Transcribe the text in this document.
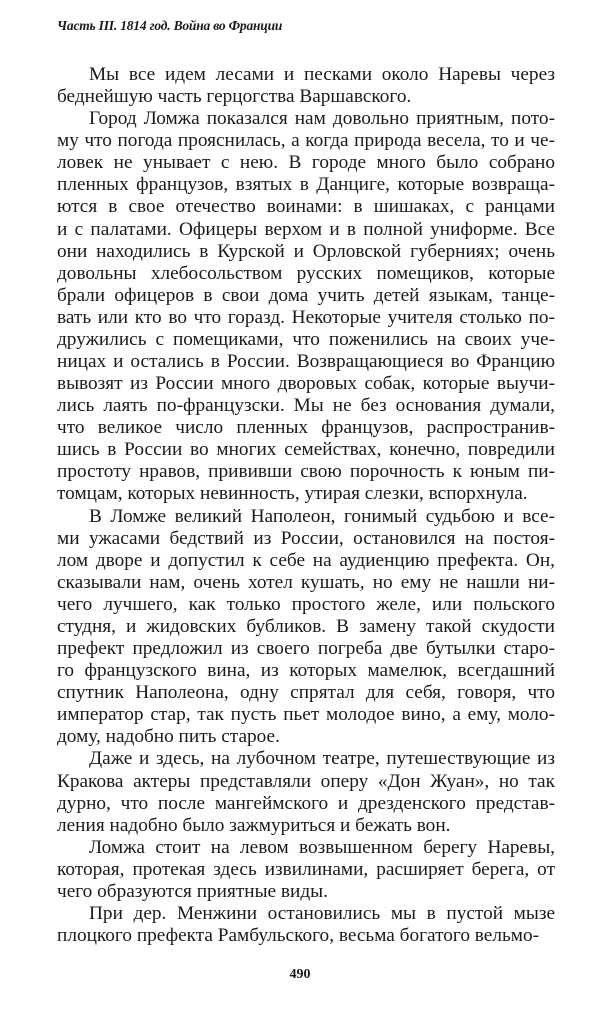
Часть III. 1814 год. Война во Франции
Мы все идем лесами и песками около Наревы через
беднейшую часть герцогства Варшавского.
Город Ломжа показался нам довольно приятным, пото-
му что погода прояснилась, а когда природа весела, то и че-
ловек не унывает с нею. В городе много было собрано
пленных французов, взятых в Данциге, которые возвраща-
ются в свое отечество воинами: в шишаках, с ранцами
и с палатами. Офицеры верхом и в полной униформе. Все
они находились в Курской и Орловской губерниях; очень
довольны хлебосольством русских помещиков, которые
брали офицеров в свои дома учить детей языкам, танце-
вать или кто во что горазд. Некоторые учителя столько по-
дружились с помещиками, что поженились на своих уче-
ницах и остались в России. Возвращающиеся во Францию
вывозят из России много дворовых собак, которые выучи-
лись лаять по-французски. Мы не без основания думали,
что великое число пленных французов, распространив-
шись в России во многих семействах, конечно, повредили
простоту нравов, прививши свою порочность к юным пи-
томцам, которых невинность, утирая слезки, вспорхнула.
В Ломже великий Наполеон, гонимый судьбою и все-
ми ужасами бедствий из России, остановился на постоя-
лом дворе и допустил к себе на аудиенцию префекта. Он,
сказывали нам, очень хотел кушать, но ему не нашли ни-
чего лучшего, как только простого желе, или польского
студня, и жидовских бубликов. В замену такой скудости
префект предложил из своего погреба две бутылки старо-
го французского вина, из которых мамелюк, всегдашний
спутник Наполеона, одну спрятал для себя, говоря, что
император стар, так пусть пьет молодое вино, а ему, моло-
дому, надобно пить старое.
Даже и здесь, на лубочном театре, путешествующие из
Кракова актеры представляли оперу «Дон Жуан», но так
дурно, что после мангеймского и дрезденского представ-
ления надобно было зажмуриться и бежать вон.
Ломжа стоит на левом возвышенном берегу Наревы,
которая, протекая здесь извилинами, расширяет берега, от
чего образуются приятные виды.
При дер. Менжини остановились мы в пустой мызе
плоцкого префекта Рамбульского, весьма богатого вельмо-
490
